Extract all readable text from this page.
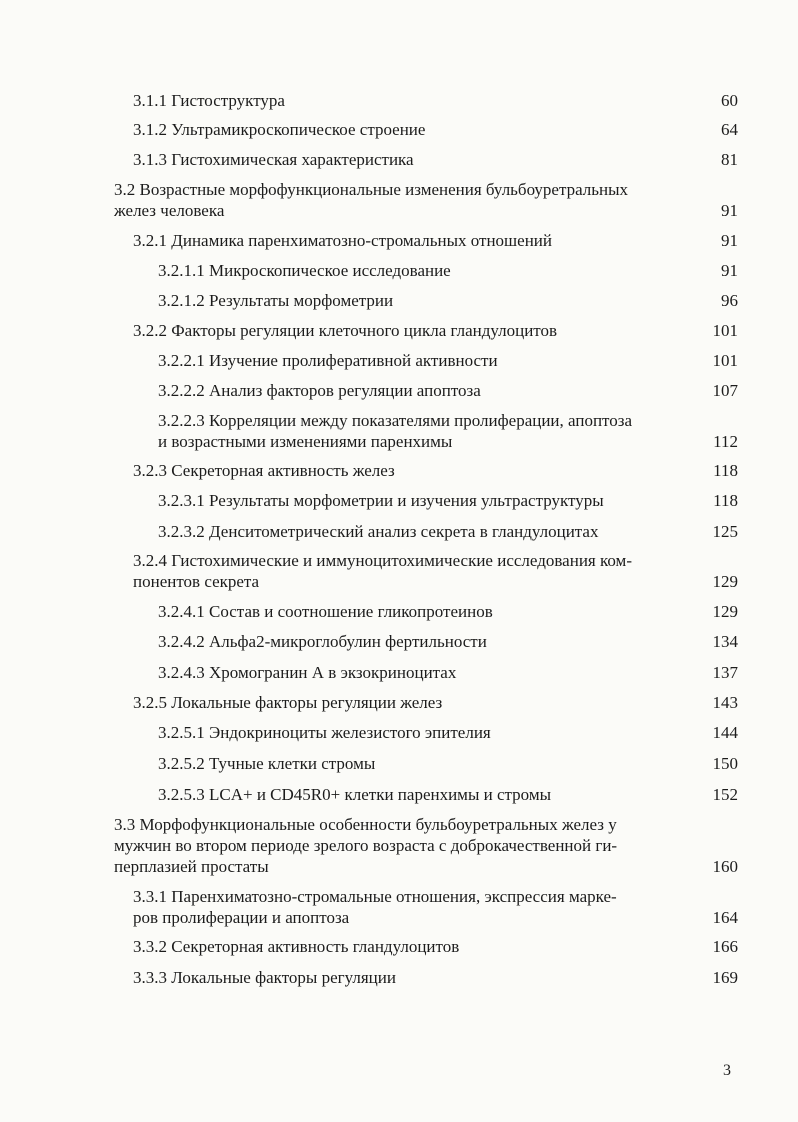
3.1.1 Гистоструктура	60
3.1.2 Ультрамикроскопическое строение	64
3.1.3 Гистохимическая характеристика	81
3.2 Возрастные морфофункциональные изменения бульбоуретральных
желез человека	91
3.2.1 Динамика паренхиматозно-стромальных отношений	91
3.2.1.1 Микроскопическое исследование	91
3.2.1.2 Результаты морфометрии	96
3.2.2 Факторы регуляции клеточного цикла гландулоцитов	101
3.2.2.1 Изучение пролиферативной активности	101
3.2.2.2 Анализ факторов регуляции апоптоза	107
3.2.2.3 Корреляции между показателями пролиферации, апоптоза
и возрастными изменениями паренхимы	112
3.2.3 Секреторная активность желез	118
3.2.3.1 Результаты морфометрии и изучения ультраструктуры	118
3.2.3.2 Денситометрический анализ секрета в гландулоцитах	125
3.2.4 Гистохимические и иммуноцитохимические исследования ком-
понентов секрета	129
3.2.4.1 Состав и соотношение гликопротеинов	129
3.2.4.2 Альфа2-микроглобулин фертильности	134
3.2.4.3 Хромогранин А в экзокриноцитах	137
3.2.5 Локальные факторы регуляции желез	143
3.2.5.1 Эндокриноциты железистого эпителия	144
3.2.5.2 Тучные клетки стромы	150
3.2.5.3 LCA+ и CD45R0+ клетки паренхимы и стромы	152
3.3 Морфофункциональные особенности бульбоуретральных желез у
мужчин во втором периоде зрелого возраста с доброкачественной ги-
перплазией простаты	160
3.3.1 Паренхиматозно-стромальные отношения, экспрессия марке-
ров пролиферации и апоптоза	164
3.3.2 Секреторная активность гландулоцитов	166
3.3.3 Локальные факторы регуляции	169
3
